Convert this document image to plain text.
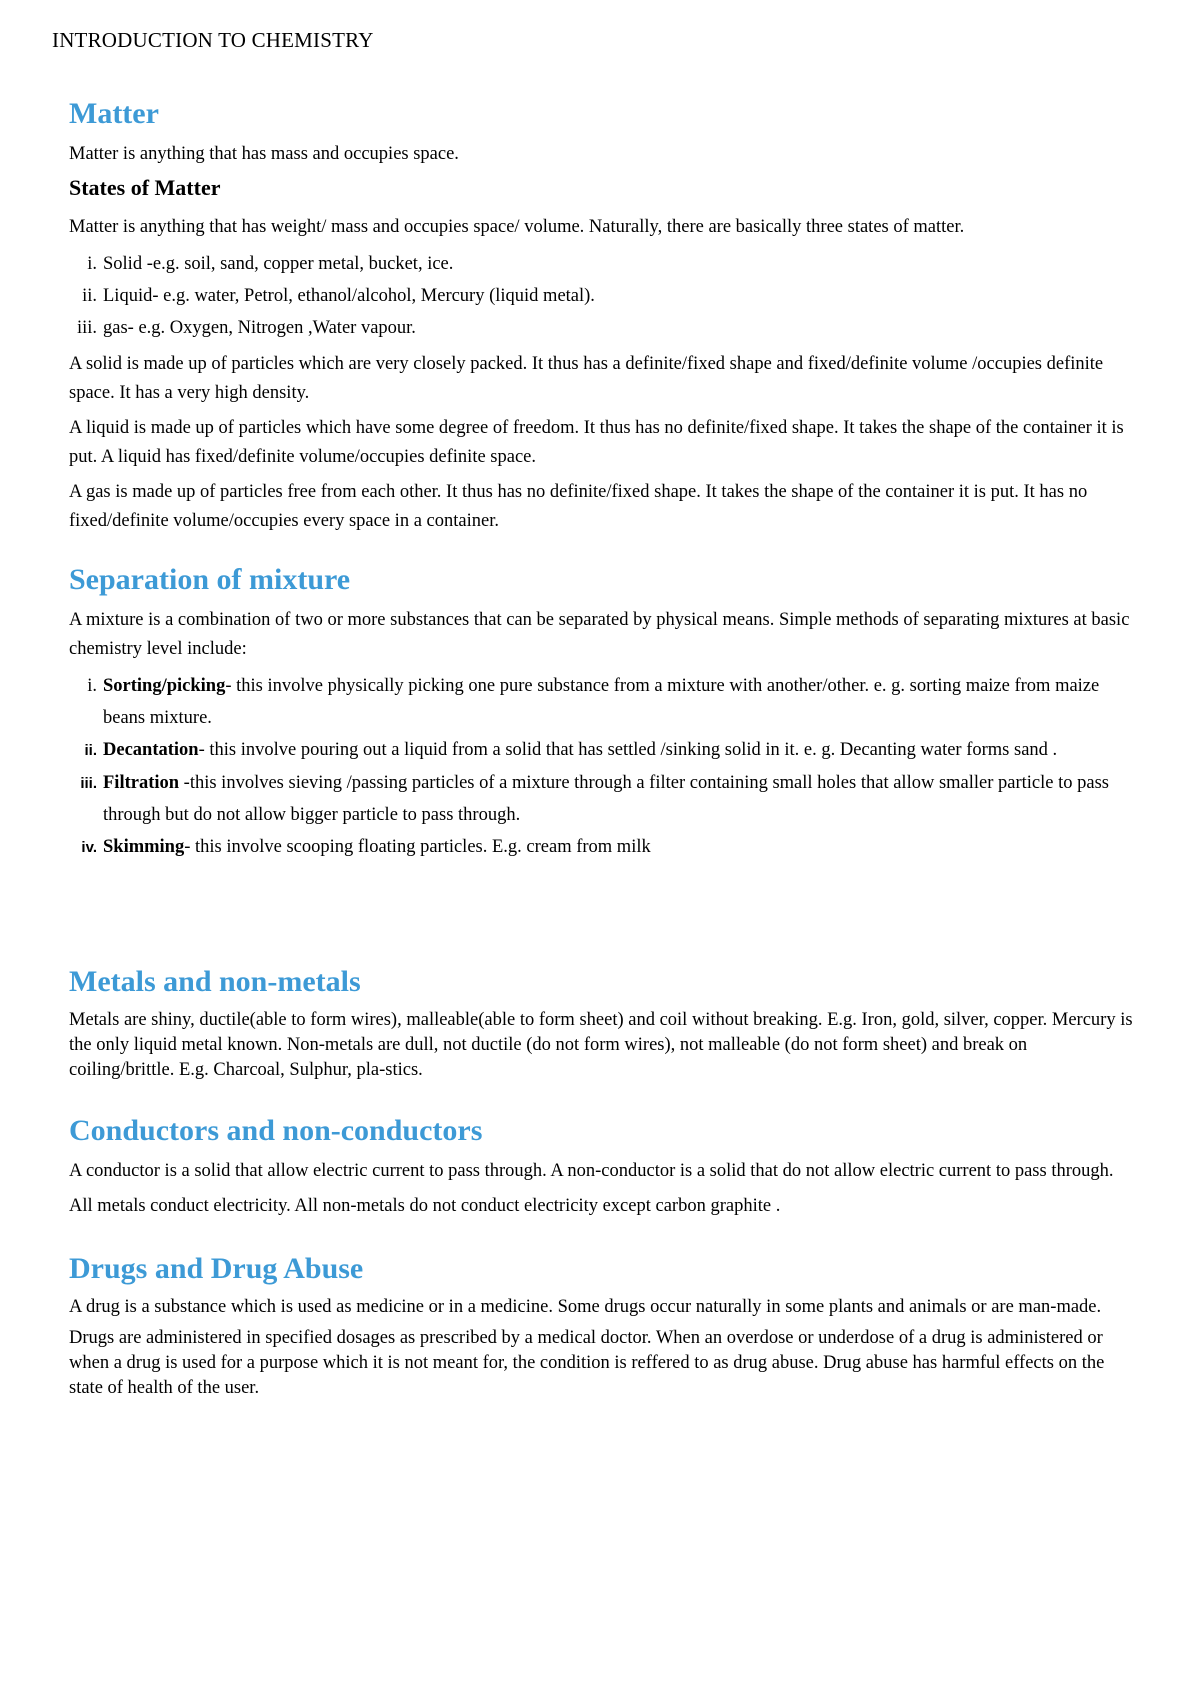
INTRODUCTION TO CHEMISTRY
Matter

Matter is anything that has mass and occupies space.

States of Matter

Matter is anything that has weight/ mass and occupies space/ volume. Naturally, there are basically three states of matter.

i. Solid -e.g. soil, sand, copper metal, bucket, ice.
ii. Liquid- e.g. water, Petrol, ethanol/alcohol, Mercury (liquid metal).
iii. gas- e.g. Oxygen, Nitrogen ,Water vapour.

A solid is made up of particles which are very closely packed. It thus has a definite/fixed shape and fixed/definite volume /occupies definite space. It has a very high density.

A liquid is made up of particles which have some degree of freedom. It thus has no definite/fixed shape. It takes the shape of the container it is put. A liquid has fixed/definite volume/occupies definite space.

A gas is made up of particles free from each other. It thus has no definite/fixed shape. It takes the shape of the container it is put. It has no fixed/definite volume/occupies every space in a container.

Separation of mixture

A mixture is a combination of two or more substances that can be separated by physical means. Simple methods of separating mixtures at basic chemistry level include:

i. Sorting/picking- this involve physically picking one pure substance from a mixture with another/other. e. g. sorting maize from maize beans mixture.
ii. Decantation- this involve pouring out a liquid from a solid that has settled /sinking solid in it. e. g. Decanting water forms sand .
iii. Filtration -this involves sieving /passing particles of a mixture through a filter containing small holes that allow smaller particle to pass through but do not allow bigger particle to pass through.
iv. Skimming- this involve scooping floating particles. E.g. cream from milk
Metals and non-metals

Metals are shiny, ductile(able to form wires), malleable(able to form sheet) and coil without breaking. E.g. Iron, gold, silver, copper. Mercury is the only liquid metal known. Non-metals are dull, not ductile (do not form wires), not malleable (do not form sheet) and break on

coiling/brittle. E.g. Charcoal, Sulphur, pla-stics.

Conductors and non-conductors

A conductor is a solid that allow electric current to pass through. A non-conductor is a solid that do not allow electric current to pass through.

All metals conduct electricity. All non-metals do not conduct electricity except carbon graphite .

Drugs and Drug Abuse

A drug is a substance which is used as medicine or in a medicine. Some drugs occur naturally in some plants and animals or are man-made.

Drugs are administered in specified dosages as prescribed by a medical doctor. When an overdose or underdose of a drug is administered or when a drug is used for a purpose which it is not meant for, the condition is reffered to as drug abuse. Drug abuse has harmful effects on the state of health of the user.
